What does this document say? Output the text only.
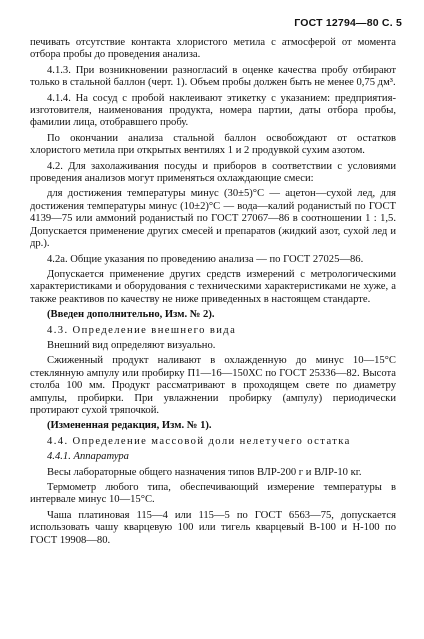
ГОСТ 12794—80 С. 5

печивать отсутствие контакта хлористого метила с атмосферой от момента отбора пробы до проведения анализа.

4.1.3. При возникновении разногласий в оценке качества пробу отбирают только в стальной баллон (черт. 1). Объем пробы должен быть не менее 0,75 дм³.

4.1.4. На сосуд с пробой наклеивают этикетку с указанием: предприятия-изготовителя, наименования продукта, номера партии, даты отбора пробы, фамилии лица, отобравшего пробу.

По окончании анализа стальной баллон освобождают от остатков хлористого метила при открытых вентилях 1 и 2 продувкой сухим азотом.

4.2. Для захолаживания посуды и приборов в соответствии с условиями проведения анализов могут применяться охлаждающие смеси:

для достижения температуры минус (30±5)°С — ацетон—сухой лед, для достижения температуры минус (10±2)°С — вода—калий роданистый по ГОСТ 4139—75 или аммоний роданистый по ГОСТ 27067—86 в соотношении 1 : 1,5. Допускается применение других смесей и препаратов (жидкий азот, сухой лед и др.).

4.2а. Общие указания по проведению анализа — по ГОСТ 27025—86.

Допускается применение других средств измерений с метрологическими характеристиками и оборудования с техническими характеристиками не хуже, а также реактивов по качеству не ниже приведенных в настоящем стандарте.

(Введен дополнительно, Изм. № 2).

4.3. Определение внешнего вида

Внешний вид определяют визуально.

Сжиженный продукт наливают в охлажденную до минус 10—15°С стеклянную ампулу или пробирку П1—16—150ХС по ГОСТ 25336—82. Высота столба 100 мм. Продукт рассматривают в проходящем свете по диаметру ампулы, пробирки. При увлажнении пробирку (ампулу) периодически протирают сухой тряпочкой.

(Измененная редакция, Изм. № 1).

4.4. Определение массовой доли нелетучего остатка

4.4.1. Аппаратура

Весы лабораторные общего назначения типов ВЛР-200 г и ВЛР-10 кг.

Термометр любого типа, обеспечивающий измерение температуры в интервале минус 10—15°С.

Чаша платиновая 115—4 или 115—5 по ГОСТ 6563—75, допускается использовать чашу кварцевую 100 или тигель кварцевый В-100 и Н-100 по ГОСТ 19908—80.
